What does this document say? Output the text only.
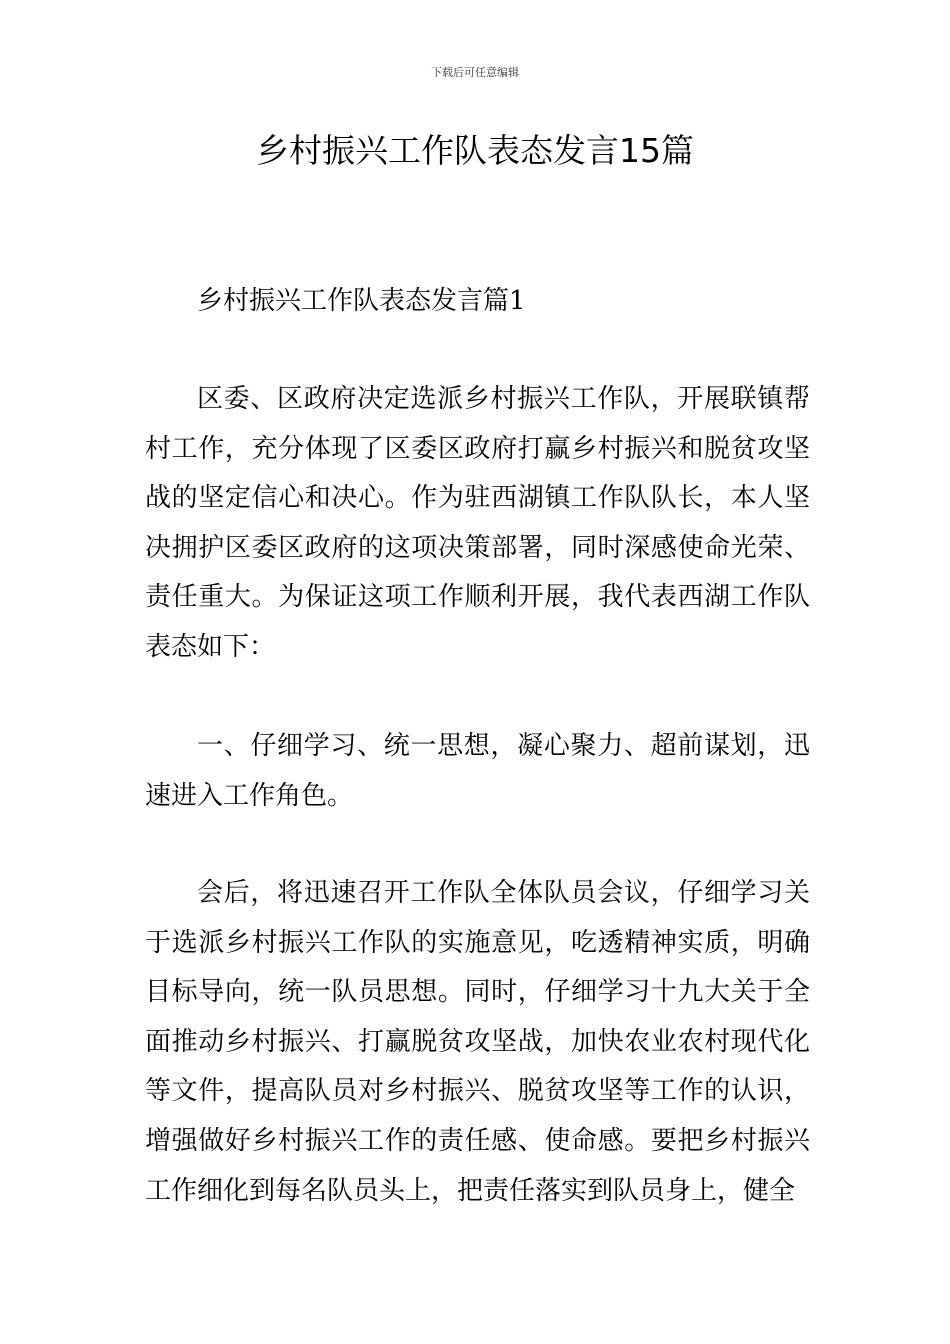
下载后可任意编辑
乡村振兴工作队表态发言15篇

乡村振兴工作队表态发言篇1

区委、区政府决定选派乡村振兴工作队，开展联镇帮村工作，充分体现了区委区政府打赢乡村振兴和脱贫攻坚战的坚定信心和决心。作为驻西湖镇工作队队长，本人坚决拥护区委区政府的这项决策部署，同时深感使命光荣、责任重大。为保证这项工作顺利开展，我代表西湖工作队表态如下：

一、仔细学习、统一思想，凝心聚力、超前谋划，迅速进入工作角色。

会后，将迅速召开工作队全体队员会议，仔细学习关于选派乡村振兴工作队的实施意见，吃透精神实质，明确目标导向，统一队员思想。同时，仔细学习十九大关于全面推动乡村振兴、打赢脱贫攻坚战，加快农业农村现代化等文件，提高队员对乡村振兴、脱贫攻坚等工作的认识，增强做好乡村振兴工作的责任感、使命感。要把乡村振兴工作细化到每名队员头上，把责任落实到队员身上，健全
